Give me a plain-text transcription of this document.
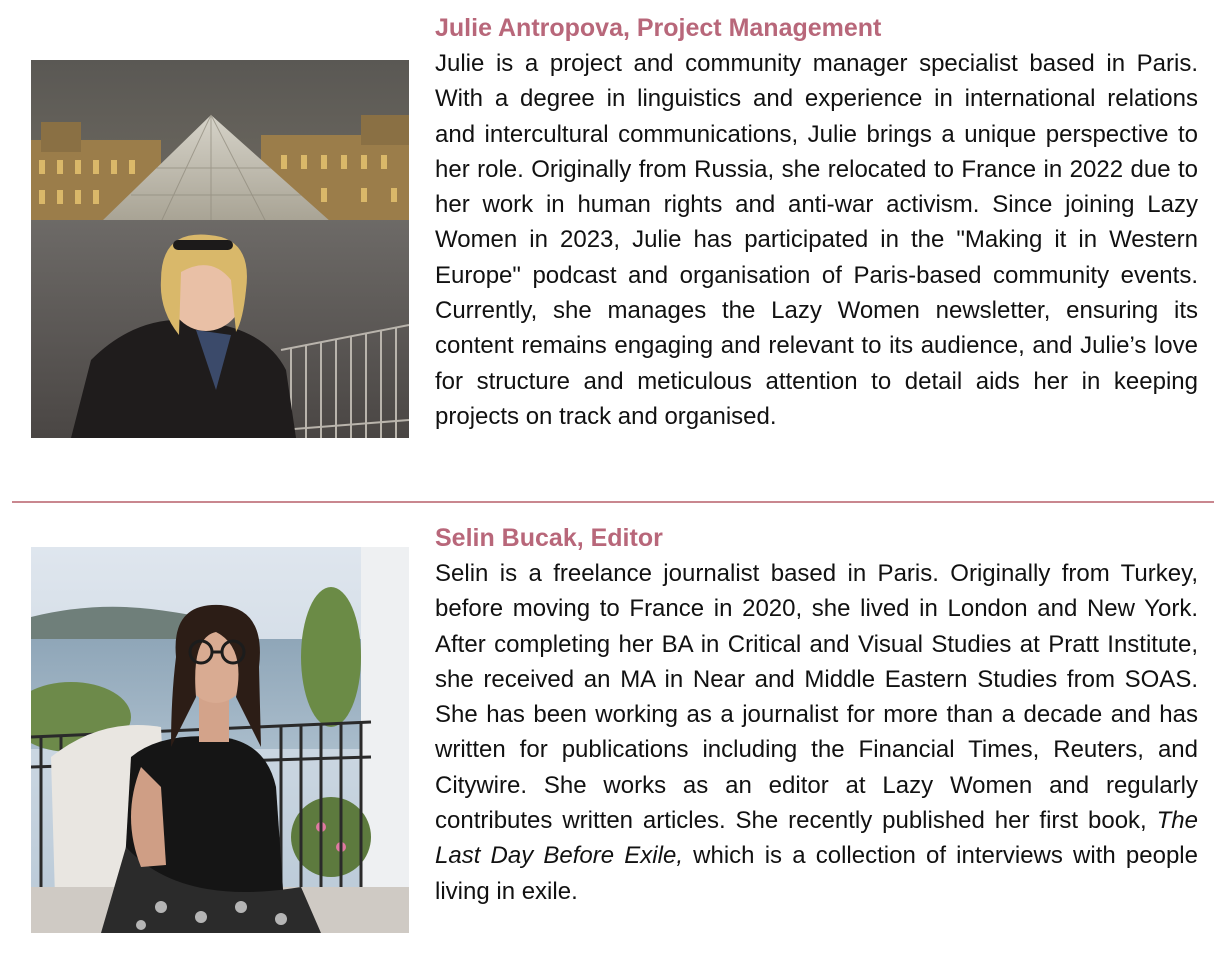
Julie Antropova, Project Management

Julie is a project and community manager specialist based in Paris. With a degree in linguistics and experience in international relations and intercultural communications, Julie brings a unique perspective to her role. Originally from Russia, she relocated to France in 2022 due to her work in human rights and anti-war activism. Since joining Lazy Women in 2023, Julie has participated in the "Making it in Western Europe" podcast and organisation of Paris-based community events. Currently, she manages the Lazy Women newsletter, ensuring its content remains engaging and relevant to its audience, and Julie’s love for structure and meticulous attention to detail aids her in keeping projects on track and organised.

Selin Bucak, Editor

Selin is a freelance journalist based in Paris. Originally from Turkey, before moving to France in 2020, she lived in London and New York. After completing her BA in Critical and Visual Studies at Pratt Institute, she received an MA in Near and Middle Eastern Studies from SOAS. She has been working as a journalist for more than a decade and has written for publications including the Financial Times, Reuters, and Citywire. She works as an editor at Lazy Women and regularly contributes written articles. She recently published her first book, The Last Day Before Exile, which is a collection of interviews with people living in exile.
